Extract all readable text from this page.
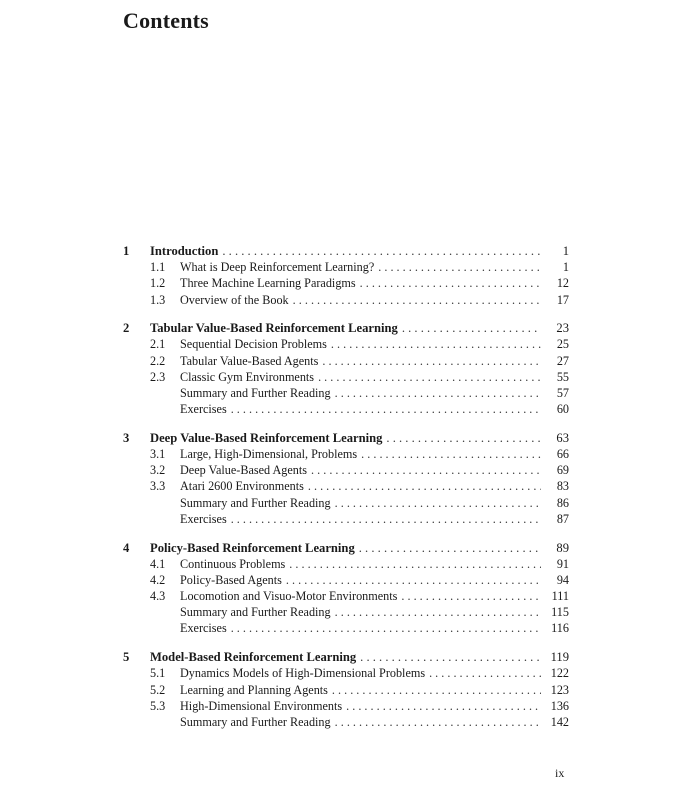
Contents
1	Introduction . . .	1
1.1	What is Deep Reinforcement Learning? . . .	1
1.2	Three Machine Learning Paradigms . . .	12
1.3	Overview of the Book . . .	17
2	Tabular Value-Based Reinforcement Learning . . .	23
2.1	Sequential Decision Problems . . .	25
2.2	Tabular Value-Based Agents . . .	27
2.3	Classic Gym Environments . . .	55
Summary and Further Reading . . .	57
Exercises . . .	60
3	Deep Value-Based Reinforcement Learning . . .	63
3.1	Large, High-Dimensional, Problems . . .	66
3.2	Deep Value-Based Agents . . .	69
3.3	Atari 2600 Environments . . .	83
Summary and Further Reading . . .	86
Exercises . . .	87
4	Policy-Based Reinforcement Learning . . .	89
4.1	Continuous Problems . . .	91
4.2	Policy-Based Agents . . .	94
4.3	Locomotion and Visuo-Motor Environments . . .	111
Summary and Further Reading . . .	115
Exercises . . .	116
5	Model-Based Reinforcement Learning . . .	119
5.1	Dynamics Models of High-Dimensional Problems . . .	122
5.2	Learning and Planning Agents . . .	123
5.3	High-Dimensional Environments . . .	136
Summary and Further Reading . . .	142
ix
